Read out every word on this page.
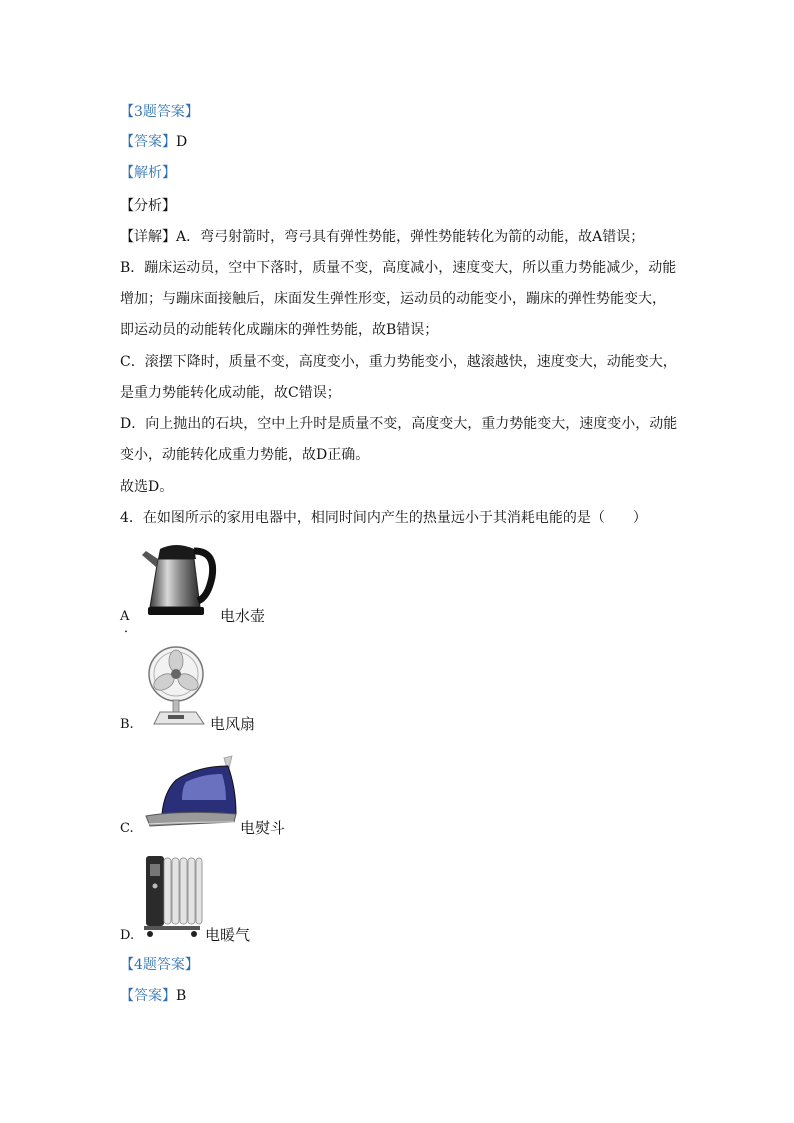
【3题答案】
【答案】D
【解析】
【分析】
【详解】A．弯弓射箭时，弯弓具有弹性势能，弹性势能转化为箭的动能，故A错误；
B．蹦床运动员，空中下落时，质量不变，高度减小，速度变大，所以重力势能减少，动能
增加；与蹦床面接触后，床面发生弹性形变，运动员的动能变小，蹦床的弹性势能变大，
即运动员的动能转化成蹦床的弹性势能，故B错误；
C．滚摆下降时，质量不变，高度变小，重力势能变小，越滚越快，速度变大，动能变大，
是重力势能转化成动能，故C错误；
D．向上抛出的石块，空中上升时是质量不变，高度变大，重力势能变大，速度变小，动能
变小，动能转化成重力势能，故D正确。
故选D。
4．在如图所示的家用电器中，相同时间内产生的热量远小于其消耗电能的是（　　）
A
．
电水壶
B.	电风扇
C.	电熨斗
D.	电暖气
【4题答案】
【答案】B
